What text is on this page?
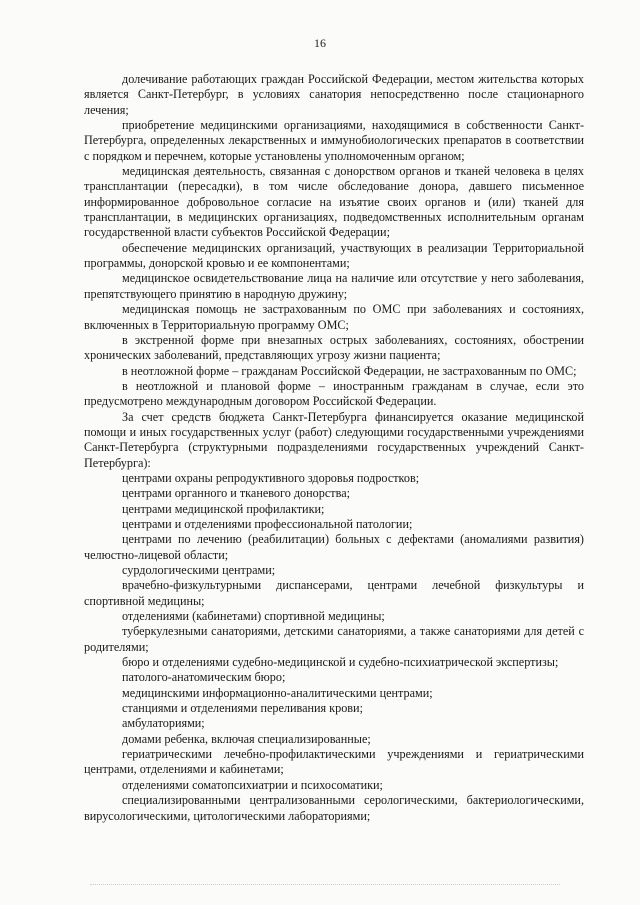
16

долечивание работающих граждан Российской Федерации, местом жительства которых является Санкт-Петербург, в условиях санатория непосредственно после стационарного лечения;

приобретение медицинскими организациями, находящимися в собственности Санкт-Петербурга, определенных лекарственных и иммунобиологических препаратов в соответствии с порядком и перечнем, которые установлены уполномоченным органом;

медицинская деятельность, связанная с донорством органов и тканей человека в целях трансплантации (пересадки), в том числе обследование донора, давшего письменное информированное добровольное согласие на изъятие своих органов и (или) тканей для трансплантации, в медицинских организациях, подведомственных исполнительным органам государственной власти субъектов Российской Федерации;

обеспечение медицинских организаций, участвующих в реализации Территориальной программы, донорской кровью и ее компонентами;

медицинское освидетельствование лица на наличие или отсутствие у него заболевания, препятствующего принятию в народную дружину;

медицинская помощь не застрахованным по ОМС при заболеваниях и состояниях, включенных в Территориальную программу ОМС;

в экстренной форме при внезапных острых заболеваниях, состояниях, обострении хронических заболеваний, представляющих угрозу жизни пациента;

в неотложной форме – гражданам Российской Федерации, не застрахованным по ОМС;

в неотложной и плановой форме – иностранным гражданам в случае, если это предусмотрено международным договором Российской Федерации.

За счет средств бюджета Санкт-Петербурга финансируется оказание медицинской помощи и иных государственных услуг (работ) следующими государственными учреждениями Санкт-Петербурга (структурными подразделениями государственных учреждений Санкт-Петербурга):

центрами охраны репродуктивного здоровья подростков;

центрами органного и тканевого донорства;

центрами медицинской профилактики;

центрами и отделениями профессиональной патологии;

центрами по лечению (реабилитации) больных с дефектами (аномалиями развития) челюстно-лицевой области;

сурдологическими центрами;

врачебно-физкультурными диспансерами, центрами лечебной физкультуры и спортивной медицины;

отделениями (кабинетами) спортивной медицины;

туберкулезными санаториями, детскими санаториями, а также санаториями для детей с родителями;

бюро и отделениями судебно-медицинской и судебно-психиатрической экспертизы;

патолого-анатомическим бюро;

медицинскими информационно-аналитическими центрами;

станциями и отделениями переливания крови;

амбулаториями;

домами ребенка, включая специализированные;

гериатрическими лечебно-профилактическими учреждениями и гериатрическими центрами, отделениями и кабинетами;

отделениями соматопсихиатрии и психосоматики;

специализированными централизованными серологическими, бактериологическими, вирусологическими, цитологическими лабораториями;
